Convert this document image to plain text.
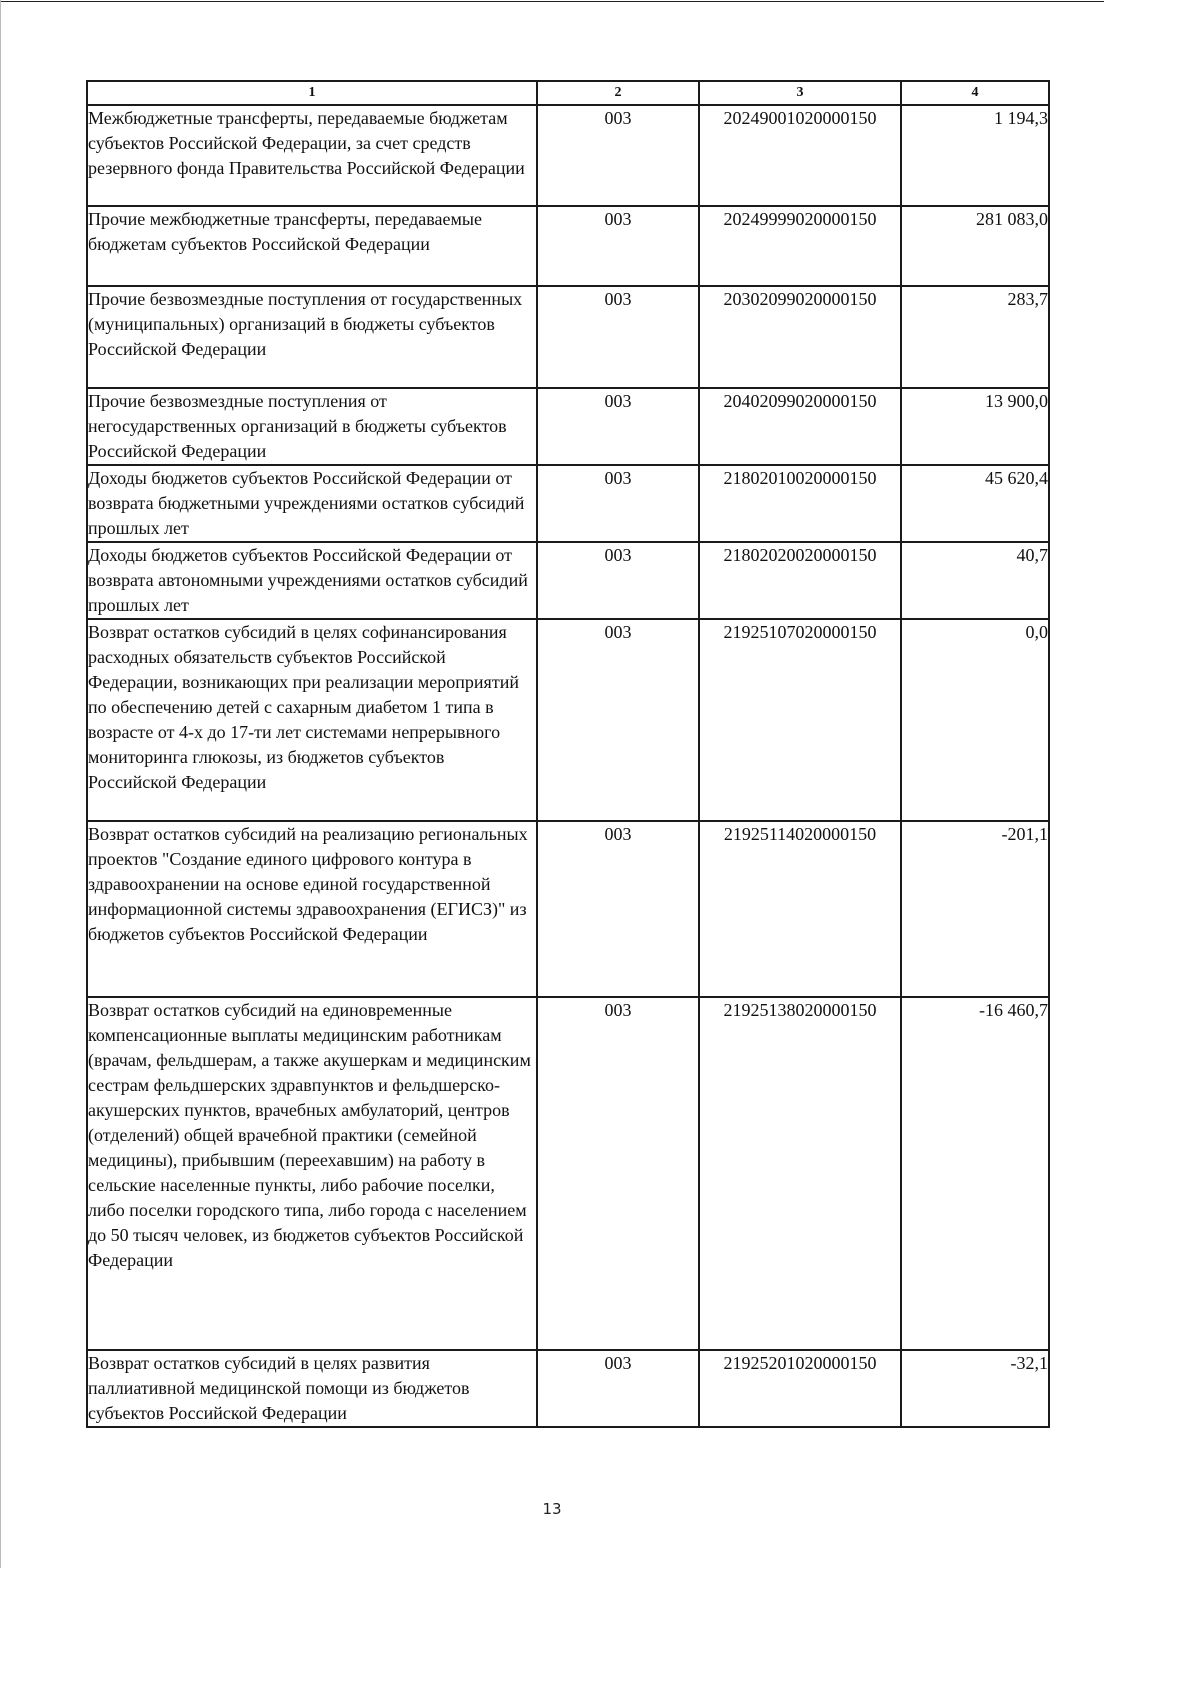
1	2	3	4
Межбюджетные трансферты, передаваемые бюджетам субъектов Российской Федерации, за счет средств резервного фонда Правительства Российской Федерации	003	20249001020000150	1 194,3
Прочие межбюджетные трансферты, передаваемые бюджетам субъектов Российской Федерации	003	20249999020000150	281 083,0
Прочие безвозмездные поступления от государственных (муниципальных) организаций в бюджеты субъектов Российской Федерации	003	20302099020000150	283,7
Прочие безвозмездные поступления от негосударственных организаций в бюджеты субъектов Российской Федерации	003	20402099020000150	13 900,0
Доходы бюджетов субъектов Российской Федерации от возврата бюджетными учреждениями остатков субсидий прошлых лет	003	21802010020000150	45 620,4
Доходы бюджетов субъектов Российской Федерации от возврата автономными учреждениями остатков субсидий прошлых лет	003	21802020020000150	40,7
Возврат остатков субсидий в целях софинансирования расходных обязательств субъектов Российской Федерации, возникающих при реализации мероприятий по обеспечению детей с сахарным диабетом 1 типа в возрасте от 4-х до 17-ти лет системами непрерывного мониторинга глюкозы, из бюджетов субъектов Российской Федерации	003	21925107020000150	0,0
Возврат остатков субсидий на реализацию региональных проектов "Создание единого цифрового контура в здравоохранении на основе единой государственной информационной системы здравоохранения (ЕГИСЗ)" из бюджетов субъектов Российской Федерации	003	21925114020000150	-201,1
Возврат остатков субсидий на единовременные компенсационные выплаты медицинским работникам (врачам, фельдшерам, а также акушеркам и медицинским сестрам фельдшерских здравпунктов и фельдшерско-акушерских пунктов, врачебных амбулаторий, центров (отделений) общей врачебной практики (семейной медицины), прибывшим (переехавшим) на работу в сельские населенные пункты, либо рабочие поселки, либо поселки городского типа, либо города с населением до 50 тысяч человек, из бюджетов субъектов Российской Федерации	003	21925138020000150	-16 460,7
Возврат остатков субсидий в целях развития паллиативной медицинской помощи из бюджетов субъектов Российской Федерации	003	21925201020000150	-32,1
13
